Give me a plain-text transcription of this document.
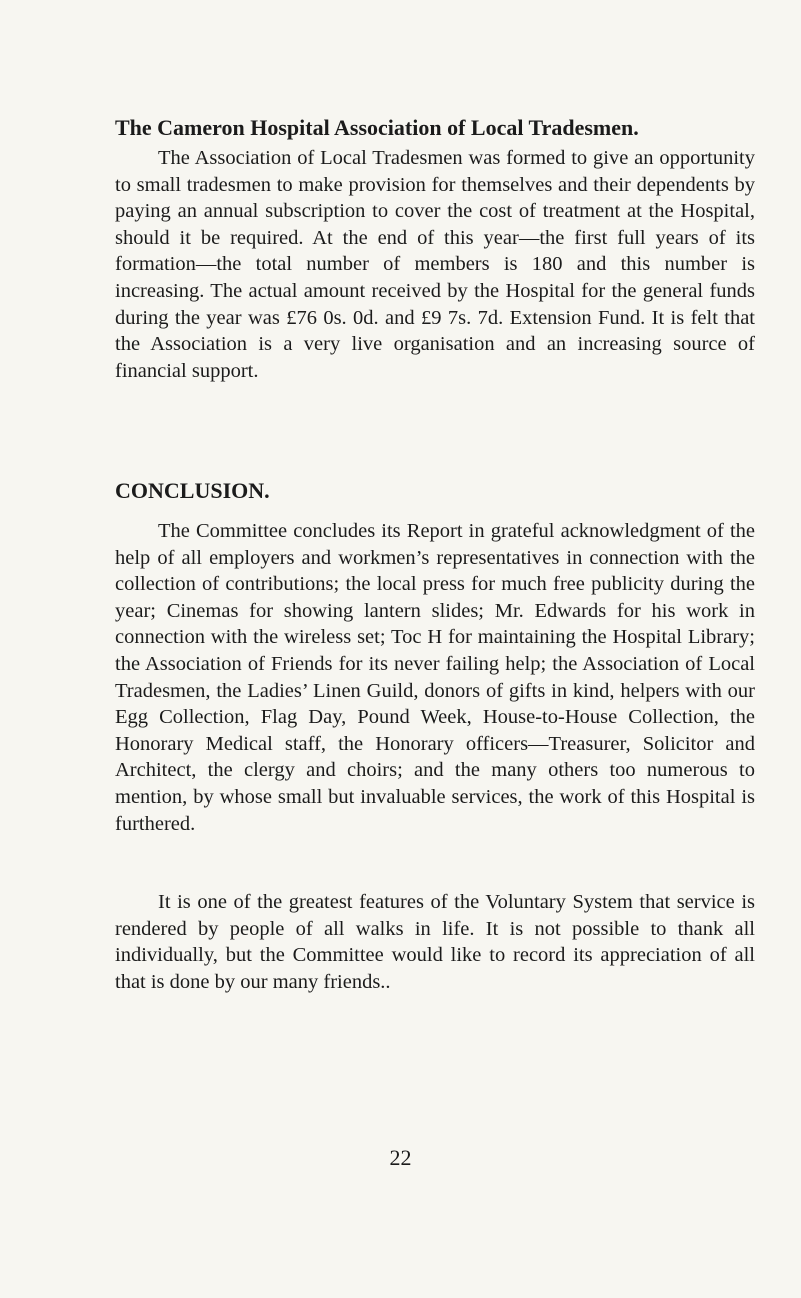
The Cameron Hospital Association of Local Tradesmen.

The Association of Local Tradesmen was formed to give an opportunity to small tradesmen to make provision for themselves and their dependents by paying an annual subscription to cover the cost of treatment at the Hospital, should it be required. At the end of this year—the first full years of its formation—the total number of members is 180 and this number is increasing. The actual amount received by the Hospital for the general funds during the year was £76 0s. 0d. and £9 7s. 7d. Extension Fund. It is felt that the Association is a very live organisation and an increasing source of financial support.

CONCLUSION.

The Committee concludes its Report in grateful acknowledgment of the help of all employers and workmen’s representatives in connection with the collection of contributions; the local press for much free publicity during the year; Cinemas for showing lantern slides; Mr. Edwards for his work in connection with the wireless set; Toc H for maintaining the Hospital Library; the Association of Friends for its never failing help; the Association of Local Tradesmen, the Ladies’ Linen Guild, donors of gifts in kind, helpers with our Egg Collection, Flag Day, Pound Week, House-to-House Collection, the Honorary Medical staff, the Honorary officers—Treasurer, Solicitor and Architect, the clergy and choirs; and the many others too numerous to mention, by whose small but invaluable services, the work of this Hospital is furthered.

It is one of the greatest features of the Voluntary System that service is rendered by people of all walks in life. It is not possible to thank all individually, but the Committee would like to record its appreciation of all that is done by our many friends..

22
